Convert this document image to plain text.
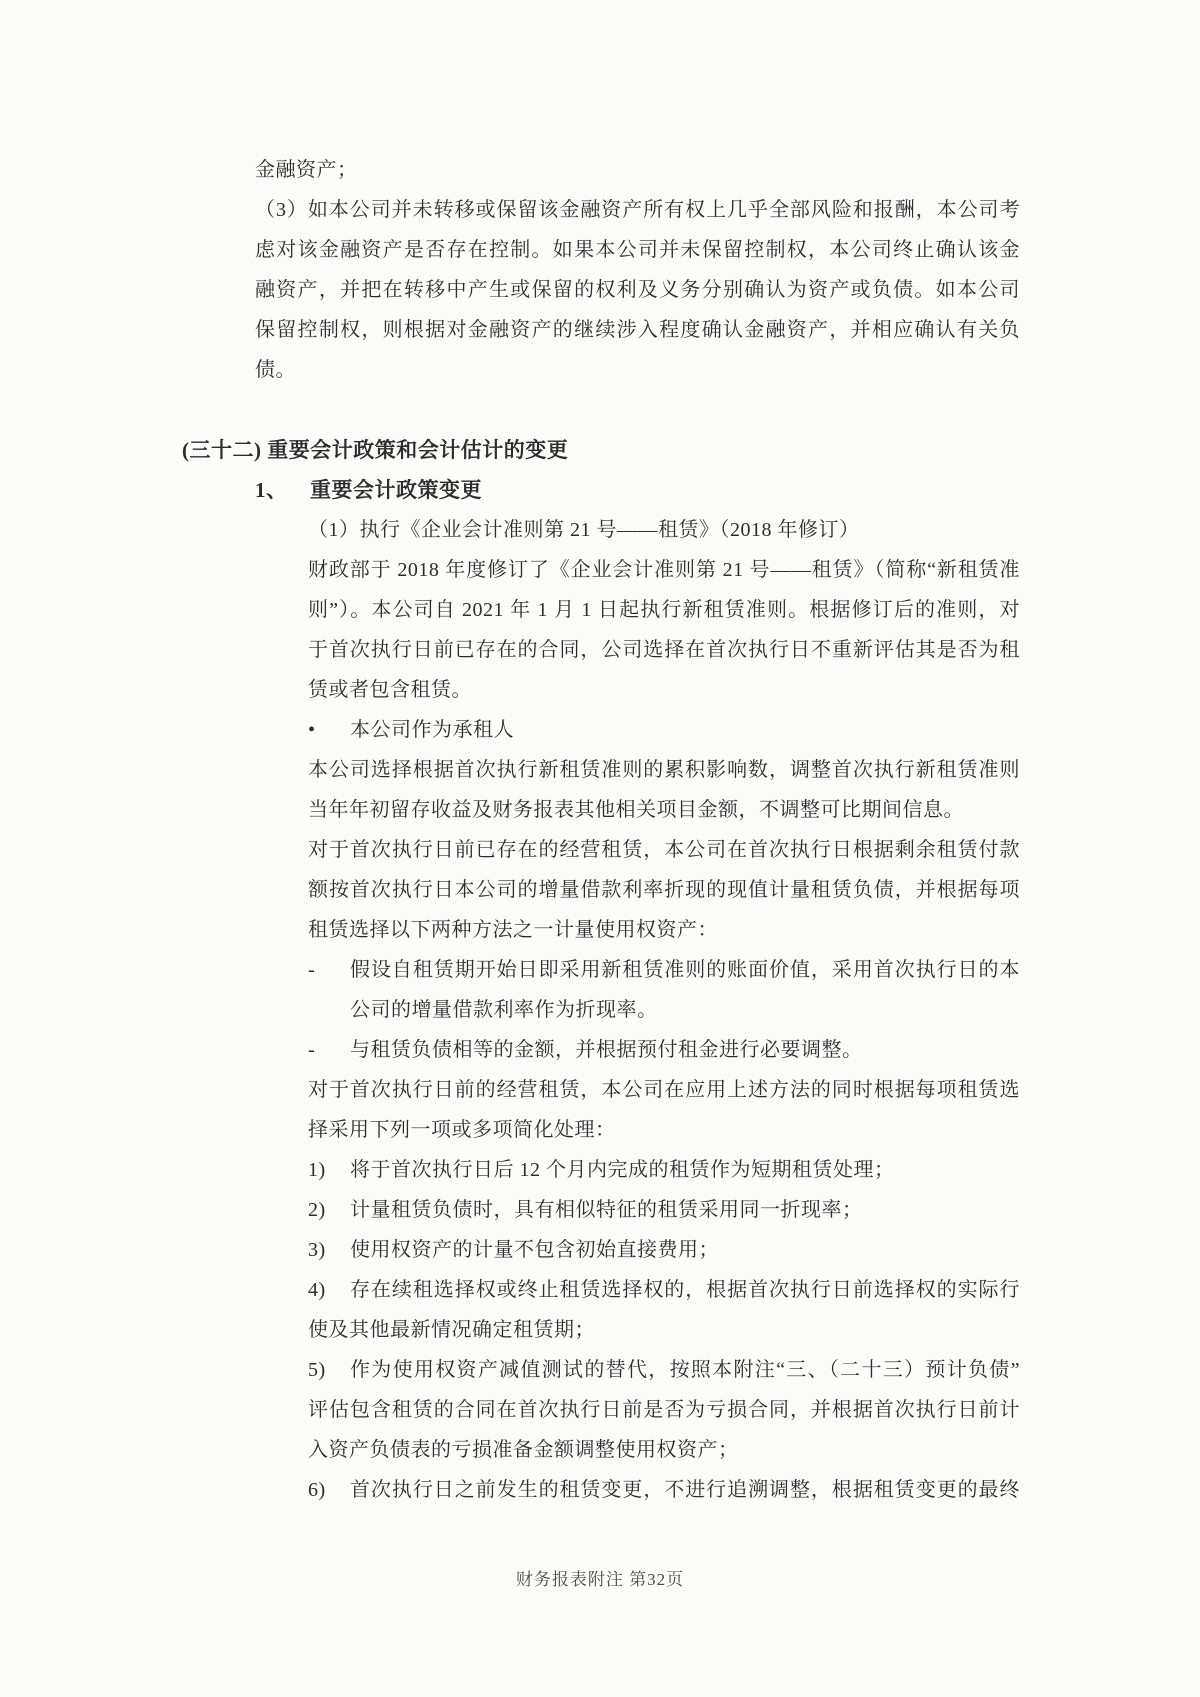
金融资产；
（3）如本公司并未转移或保留该金融资产所有权上几乎全部风险和报酬，本公司考
虑对该金融资产是否存在控制。如果本公司并未保留控制权，本公司终止确认该金
融资产，并把在转移中产生或保留的权利及义务分别确认为资产或负债。如本公司
保留控制权，则根据对金融资产的继续涉入程度确认金融资产，并相应确认有关负
债。
(三十二) 重要会计政策和会计估计的变更
1、	重要会计政策变更
（1）执行《企业会计准则第 21 号——租赁》（2018 年修订）
财政部于 2018 年度修订了《企业会计准则第 21 号——租赁》（简称“新租赁准
则”）。本公司自 2021 年 1 月 1 日起执行新租赁准则。根据修订后的准则，对
于首次执行日前已存在的合同，公司选择在首次执行日不重新评估其是否为租
赁或者包含租赁。
•	本公司作为承租人
本公司选择根据首次执行新租赁准则的累积影响数，调整首次执行新租赁准则
当年年初留存收益及财务报表其他相关项目金额，不调整可比期间信息。
对于首次执行日前已存在的经营租赁，本公司在首次执行日根据剩余租赁付款
额按首次执行日本公司的增量借款利率折现的现值计量租赁负债，并根据每项
租赁选择以下两种方法之一计量使用权资产：
-	假设自租赁期开始日即采用新租赁准则的账面价值，采用首次执行日的本
公司的增量借款利率作为折现率。
-	与租赁负债相等的金额，并根据预付租金进行必要调整。
对于首次执行日前的经营租赁，本公司在应用上述方法的同时根据每项租赁选
择采用下列一项或多项简化处理：
1)	将于首次执行日后 12 个月内完成的租赁作为短期租赁处理；
2)	计量租赁负债时，具有相似特征的租赁采用同一折现率；
3)	使用权资产的计量不包含初始直接费用；
4)	存在续租选择权或终止租赁选择权的，根据首次执行日前选择权的实际行
使及其他最新情况确定租赁期；
5)	作为使用权资产减值测试的替代，按照本附注“三、（二十三）预计负债”
评估包含租赁的合同在首次执行日前是否为亏损合同，并根据首次执行日前计
入资产负债表的亏损准备金额调整使用权资产；
6)	首次执行日之前发生的租赁变更，不进行追溯调整，根据租赁变更的最终
财务报表附注 第32页
